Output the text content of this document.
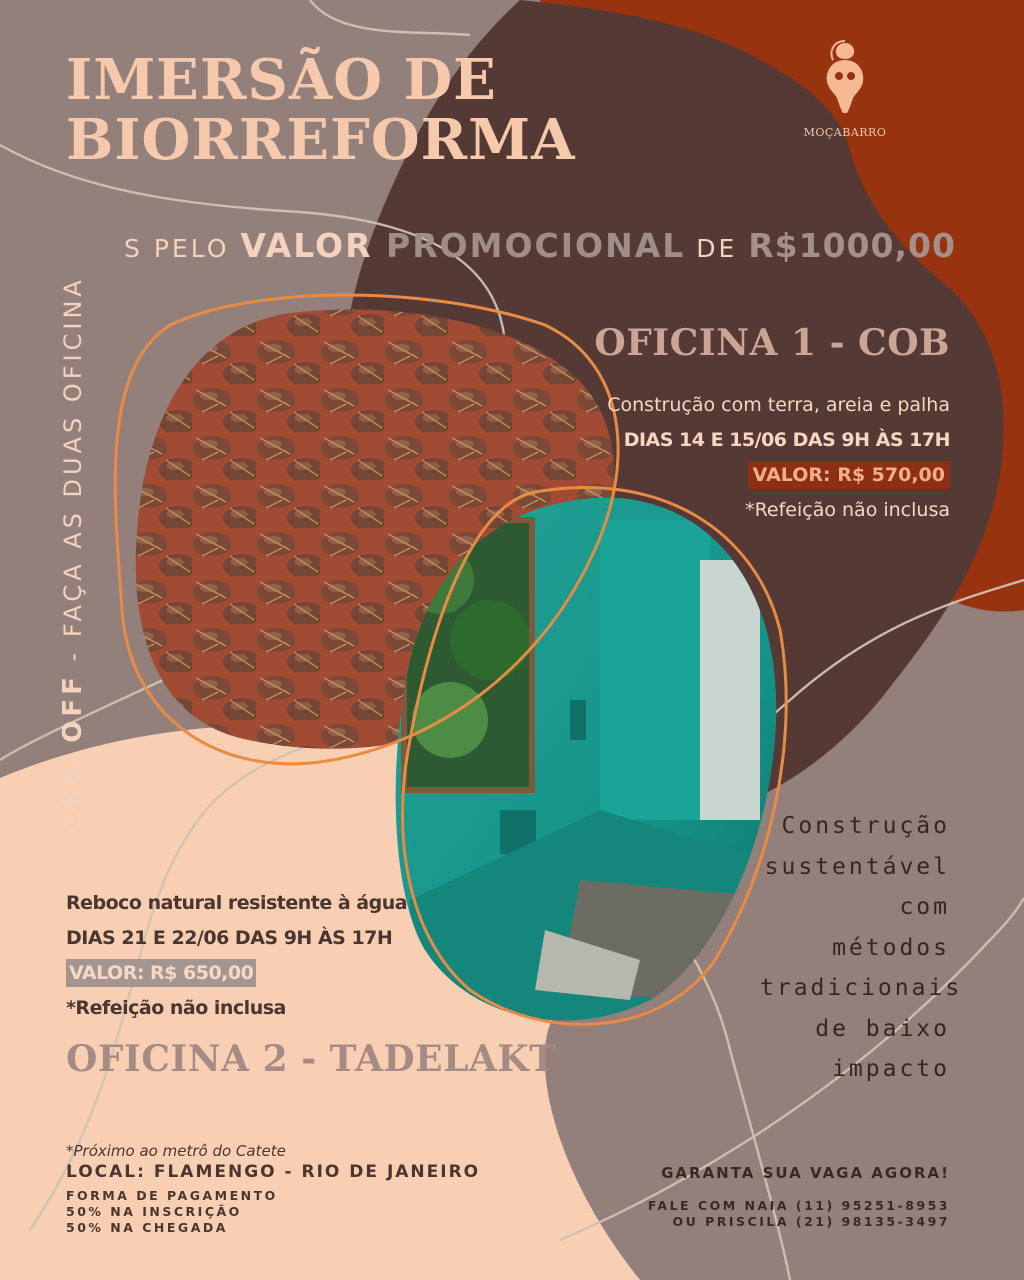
IMERSÃO DE
BIORREFORMA	MOÇABARRO
S PELO VALOR PROMOCIONAL DE R$1000,00
18% OFF - FAÇA AS DUAS OFICINA	OFICINA 1 - COB
Construção com terra, areia e palha
DIAS 14 E 15/06 DAS 9H ÀS 17H
VALOR: R$ 570,00
*Refeição não inclusa
Reboco natural resistente à água
DIAS 21 E 22/06 DAS 9H ÀS 17H
VALOR: R$ 650,00
*Refeição não inclusa
OFICINA 2 - TADELAKT
Construção
sustentável
com
métodos
tradicionais
de baixo
impacto
*Próximo ao metrô do Catete
LOCAL: FLAMENGO - RIO DE JANEIRO
FORMA DE PAGAMENTO
50% NA INSCRIÇÃO
50% NA CHEGADA
GARANTA SUA VAGA AGORA!
FALE COM NAIA (11) 95251-8953
OU PRISCILA (21) 98135-3497
